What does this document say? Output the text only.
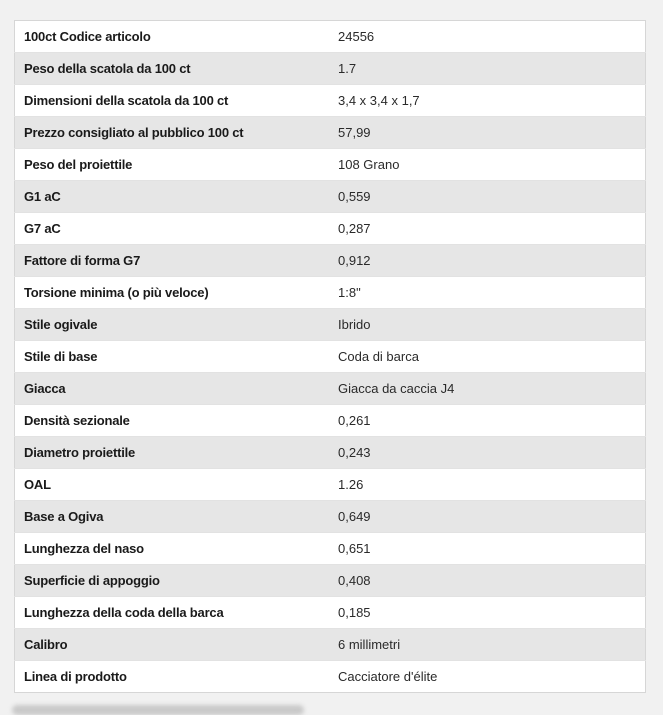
100ct Codice articolo	24556
Peso della scatola da 100 ct	1.7
Dimensioni della scatola da 100 ct	3,4 x 3,4 x 1,7
Prezzo consigliato al pubblico 100 ct	57,99
Peso del proiettile	108 Grano
G1 aC	0,559
G7 aC	0,287
Fattore di forma G7	0,912
Torsione minima (o più veloce)	1:8"
Stile ogivale	Ibrido
Stile di base	Coda di barca
Giacca	Giacca da caccia J4
Densità sezionale	0,261
Diametro proiettile	0,243
OAL	1.26
Base a Ogiva	0,649
Lunghezza del naso	0,651
Superficie di appoggio	0,408
Lunghezza della coda della barca	0,185
Calibro	6 millimetri
Linea di prodotto	Cacciatore d'élite
